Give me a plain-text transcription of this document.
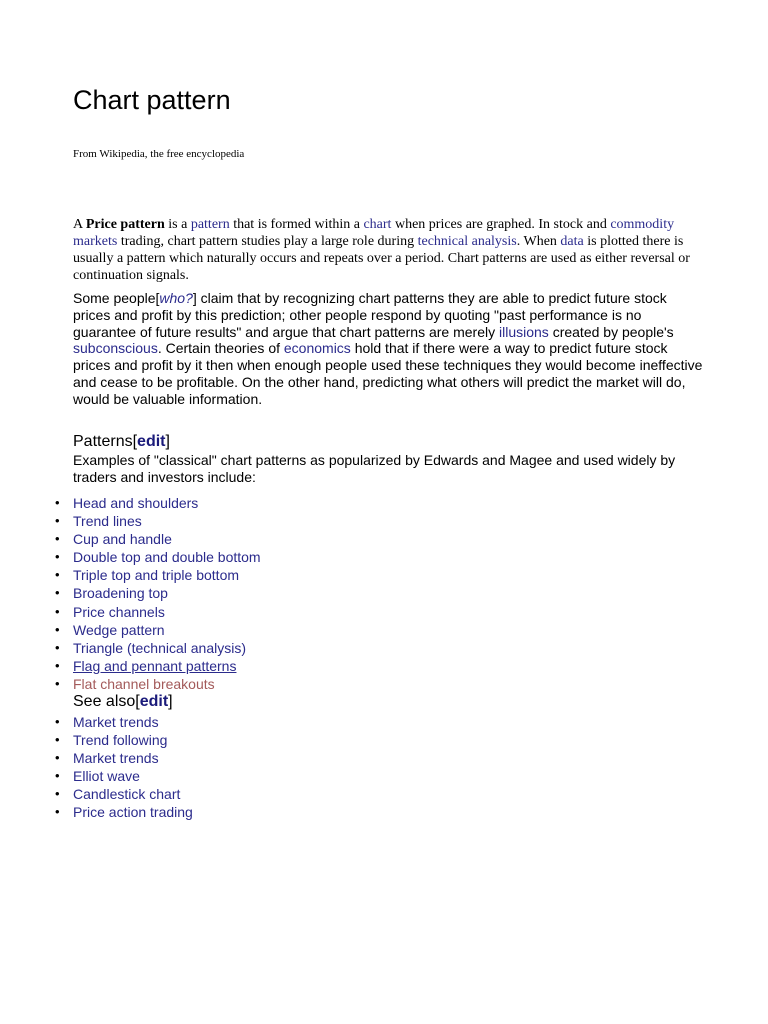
Chart pattern

From Wikipedia, the free encyclopedia

A Price pattern is a pattern that is formed within a chart when prices are graphed. In stock and commodity markets trading, chart pattern studies play a large role during technical analysis. When data is plotted there is usually a pattern which naturally occurs and repeats over a period. Chart patterns are used as either reversal or continuation signals.

Some people[who?] claim that by recognizing chart patterns they are able to predict future stock prices and profit by this prediction; other people respond by quoting "past performance is no guarantee of future results" and argue that chart patterns are merely illusions created by people's subconscious. Certain theories of economics hold that if there were a way to predict future stock prices and profit by it then when enough people used these techniques they would become ineffective and cease to be profitable. On the other hand, predicting what others will predict the market will do, would be valuable information.

Patterns[edit]

Examples of "classical" chart patterns as popularized by Edwards and Magee and used widely by traders and investors include:

• Head and shoulders
• Trend lines
• Cup and handle
• Double top and double bottom
• Triple top and triple bottom
• Broadening top
• Price channels
• Wedge pattern
• Triangle (technical analysis)
• Flag and pennant patterns
• Flat channel breakouts
See also[edit]
• Market trends
• Trend following
• Market trends
• Elliot wave
• Candlestick chart
• Price action trading
